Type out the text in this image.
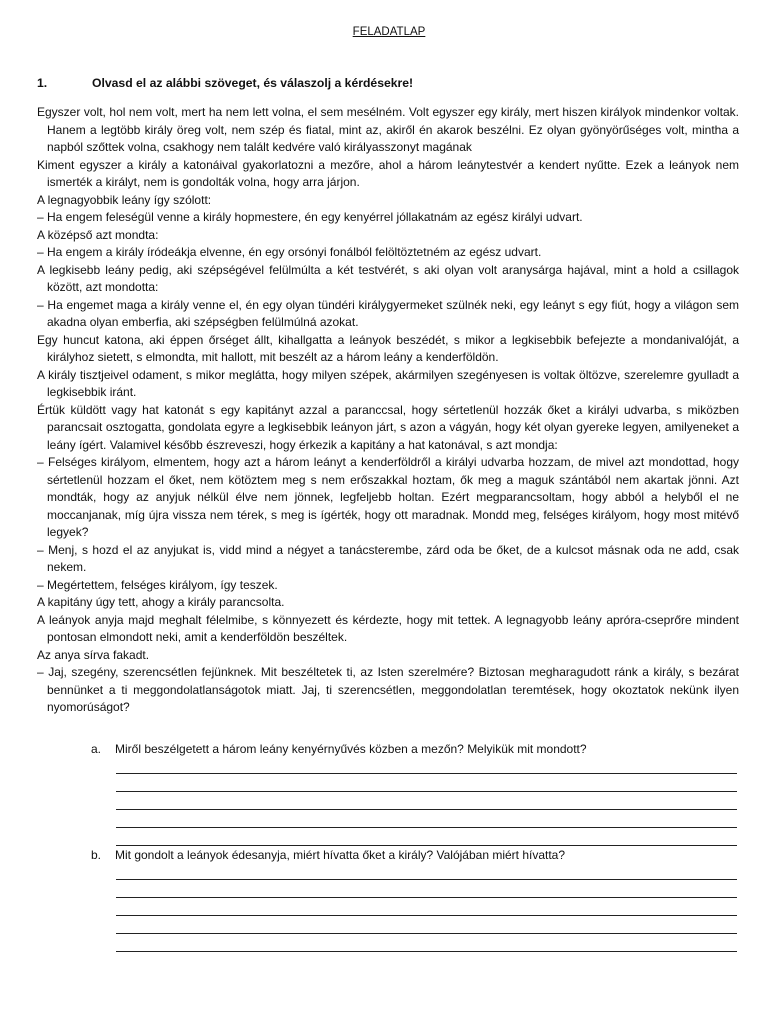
FELADATLAP
1.	Olvasd el az alábbi szöveget, és válaszolj a kérdésekre!

Egyszer volt, hol nem volt, mert ha nem lett volna, el sem mesélném. Volt egyszer egy király, mert hiszen királyok mindenkor voltak. Hanem a legtöbb király öreg volt, nem szép és fiatal, mint az, akiről én akarok beszélni. Ez olyan gyönyörűséges volt, mintha a napból szőttek volna, csakhogy nem talált kedvére való királyasszonyt magának

Kiment egyszer a király a katonáival gyakorlatozni a mezőre, ahol a három leánytestvér a kendert nyűtte. Ezek a leányok nem ismerték a királyt, nem is gondolták volna, hogy arra járjon.

A legnagyobbik leány így szólott:

– Ha engem feleségül venne a király hopmestere, én egy kenyérrel jóllakatnám az egész királyi udvart.

A középső azt mondta:

– Ha engem a király íródeákja elvenne, én egy orsónyi fonálból felöltöztetném az egész udvart.

A legkisebb leány pedig, aki szépségével felülmúlta a két testvérét, s aki olyan volt aranysárga hajával, mint a hold a csillagok között, azt mondotta:

– Ha engemet maga a király venne el, én egy olyan tündéri királygyermeket szülnék neki, egy leányt s egy fiút, hogy a világon sem akadna olyan emberfia, aki szépségben felülmúlná azokat.

Egy huncut katona, aki éppen őrséget állt, kihallgatta a leányok beszédét, s mikor a legkisebbik befejezte a mondanivalóját, a királyhoz sietett, s elmondta, mit hallott, mit beszélt az a három leány a kenderföldön.

A király tisztjeivel odament, s mikor meglátta, hogy milyen szépek, akármilyen szegényesen is voltak öltözve, szerelemre gyulladt a legkisebbik iránt.

Értük küldött vagy hat katonát s egy kapitányt azzal a paranccsal, hogy sértetlenül hozzák őket a királyi udvarba, s miközben parancsait osztogatta, gondolata egyre a legkisebbik leányon járt, s azon a vágyán, hogy két olyan gyereke legyen, amilyeneket a leány ígért. Valamivel később észreveszi, hogy érkezik a kapitány a hat katonával, s azt mondja:

– Felséges királyom, elmentem, hogy azt a három leányt a kenderföldről a királyi udvarba hozzam, de mivel azt mondottad, hogy sértetlenül hozzam el őket, nem kötöztem meg s nem erőszakkal hoztam, ők meg a maguk szántából nem akartak jönni. Azt mondták, hogy az anyjuk nélkül élve nem jönnek, legfeljebb holtan. Ezért megparancsoltam, hogy abból a helyből el ne moccanjanak, míg újra vissza nem térek, s meg is ígérték, hogy ott maradnak. Mondd meg, felséges királyom, hogy most mitévő legyek?

– Menj, s hozd el az anyjukat is, vidd mind a négyet a tanácsterembe, zárd oda be őket, de a kulcsot másnak oda ne add, csak nekem.

– Megértettem, felséges királyom, így teszek.

A kapitány úgy tett, ahogy a király parancsolta.

A leányok anyja majd meghalt félelmibe, s könnyezett és kérdezte, hogy mit tettek. A legnagyobb leány apróra-cseprőre mindent pontosan elmondott neki, amit a kenderföldön beszéltek.

Az anya sírva fakadt.

– Jaj, szegény, szerencsétlen fejünknek. Mit beszéltetek ti, az Isten szerelmére? Biztosan megharagudott ránk a király, s bezárat bennünket a ti meggondolatlanságotok miatt. Jaj, ti szerencsétlen, meggondolatlan teremtések, hogy okoztatok nekünk ilyen nyomorúságot?

a. Miről beszélgetett a három leány kenyérnyűvés közben a mezőn? Melyikük mit mondott?
b. Mit gondolt a leányok édesanyja, miért hívatta őket a király? Valójában miért hívatta?
